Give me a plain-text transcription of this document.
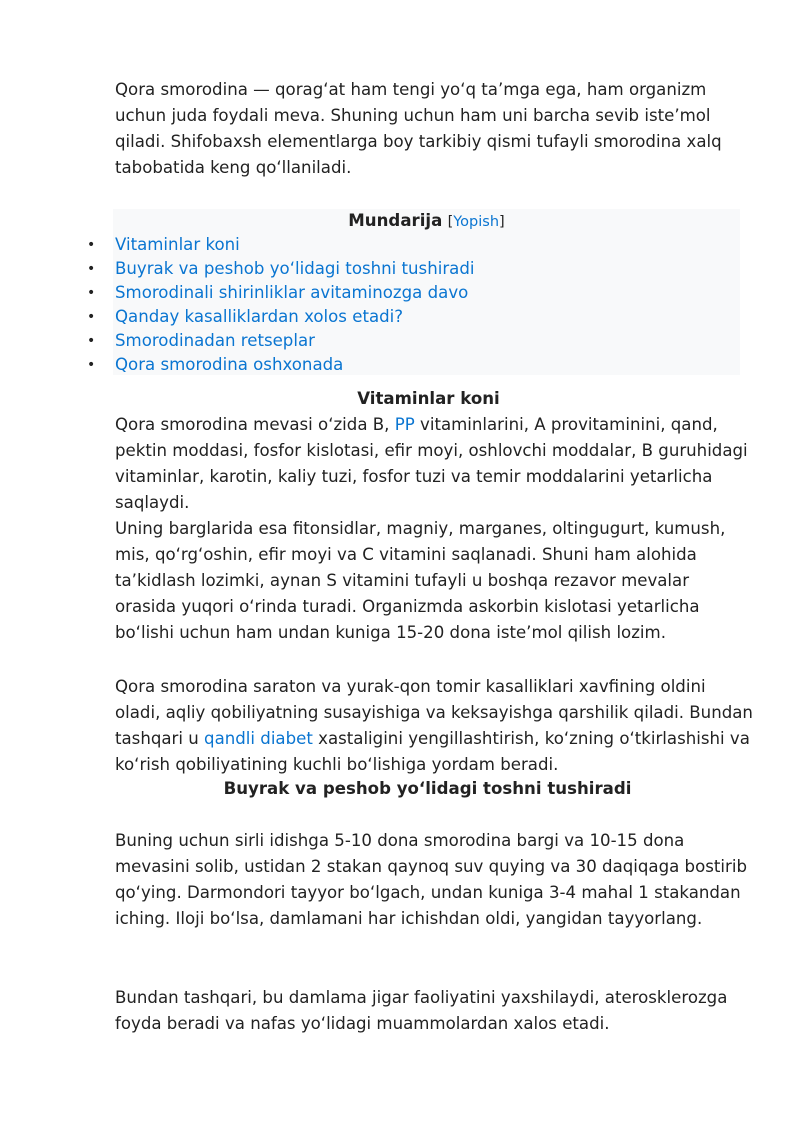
Qora smorodina — qorag‘at ham tengi yo‘q ta’mga ega, ham organizm uchun juda foydali meva. Shuning uchun ham uni barcha sevib iste’mol qiladi. Shifobaxsh elementlarga boy tarkibiy qismi tufayli smorodina xalq tabobatida keng qo‘llaniladi.

Mundarija [Yopish]
• Vitaminlar koni
• Buyrak va peshob yo‘lidagi toshni tushiradi
• Smorodinali shirinliklar avitaminozga davo
• Qanday kasalliklardan xolos etadi?
• Smorodinadan retseplar
• Qora smorodina oshxonada
Vitaminlar koni

Qora smorodina mevasi o‘zida B, PP vitaminlarini, A provitaminini, qand, pektin moddasi, fosfor kislotasi, efir moyi, oshlovchi moddalar, B guruhidagi vitaminlar, karotin, kaliy tuzi, fosfor tuzi va temir moddalarini yetarlicha saqlaydi.

Uning barglarida esa fitonsidlar, magniy, marganes, oltingugurt, kumush, mis, qo‘rg‘oshin, efir moyi va C vitamini saqlanadi. Shuni ham alohida ta’kidlash lozimki, aynan S vitamini tufayli u boshqa rezavor mevalar orasida yuqori o‘rinda turadi. Organizmda askorbin kislotasi yetarlicha bo‘lishi uchun ham undan kuniga 15-20 dona iste’mol qilish lozim.

Qora smorodina saraton va yurak-qon tomir kasalliklari xavfining oldini oladi, aqliy qobiliyatning susayishiga va keksayishga qarshilik qiladi. Bundan tashqari u qandli diabet xastaligini yengillashtirish, ko‘zning o‘tkirlashishi va ko‘rish qobiliyatining kuchli bo‘lishiga yordam beradi.

Buyrak va peshob yo‘lidagi toshni tushiradi

Buning uchun sirli idishga 5-10 dona smorodina bargi va 10-15 dona mevasini solib, ustidan 2 stakan qaynoq suv quying va 30 daqiqaga bostirib qo‘ying. Darmondori tayyor bo‘lgach, undan kuniga 3-4 mahal 1 stakandan iching. Iloji bo‘lsa, damlamani har ichishdan oldi, yangidan tayyorlang.

Bundan tashqari, bu damlama jigar faoliyatini yaxshilaydi, aterosklerozga foyda beradi va nafas yo‘lidagi muammolardan xalos etadi.
